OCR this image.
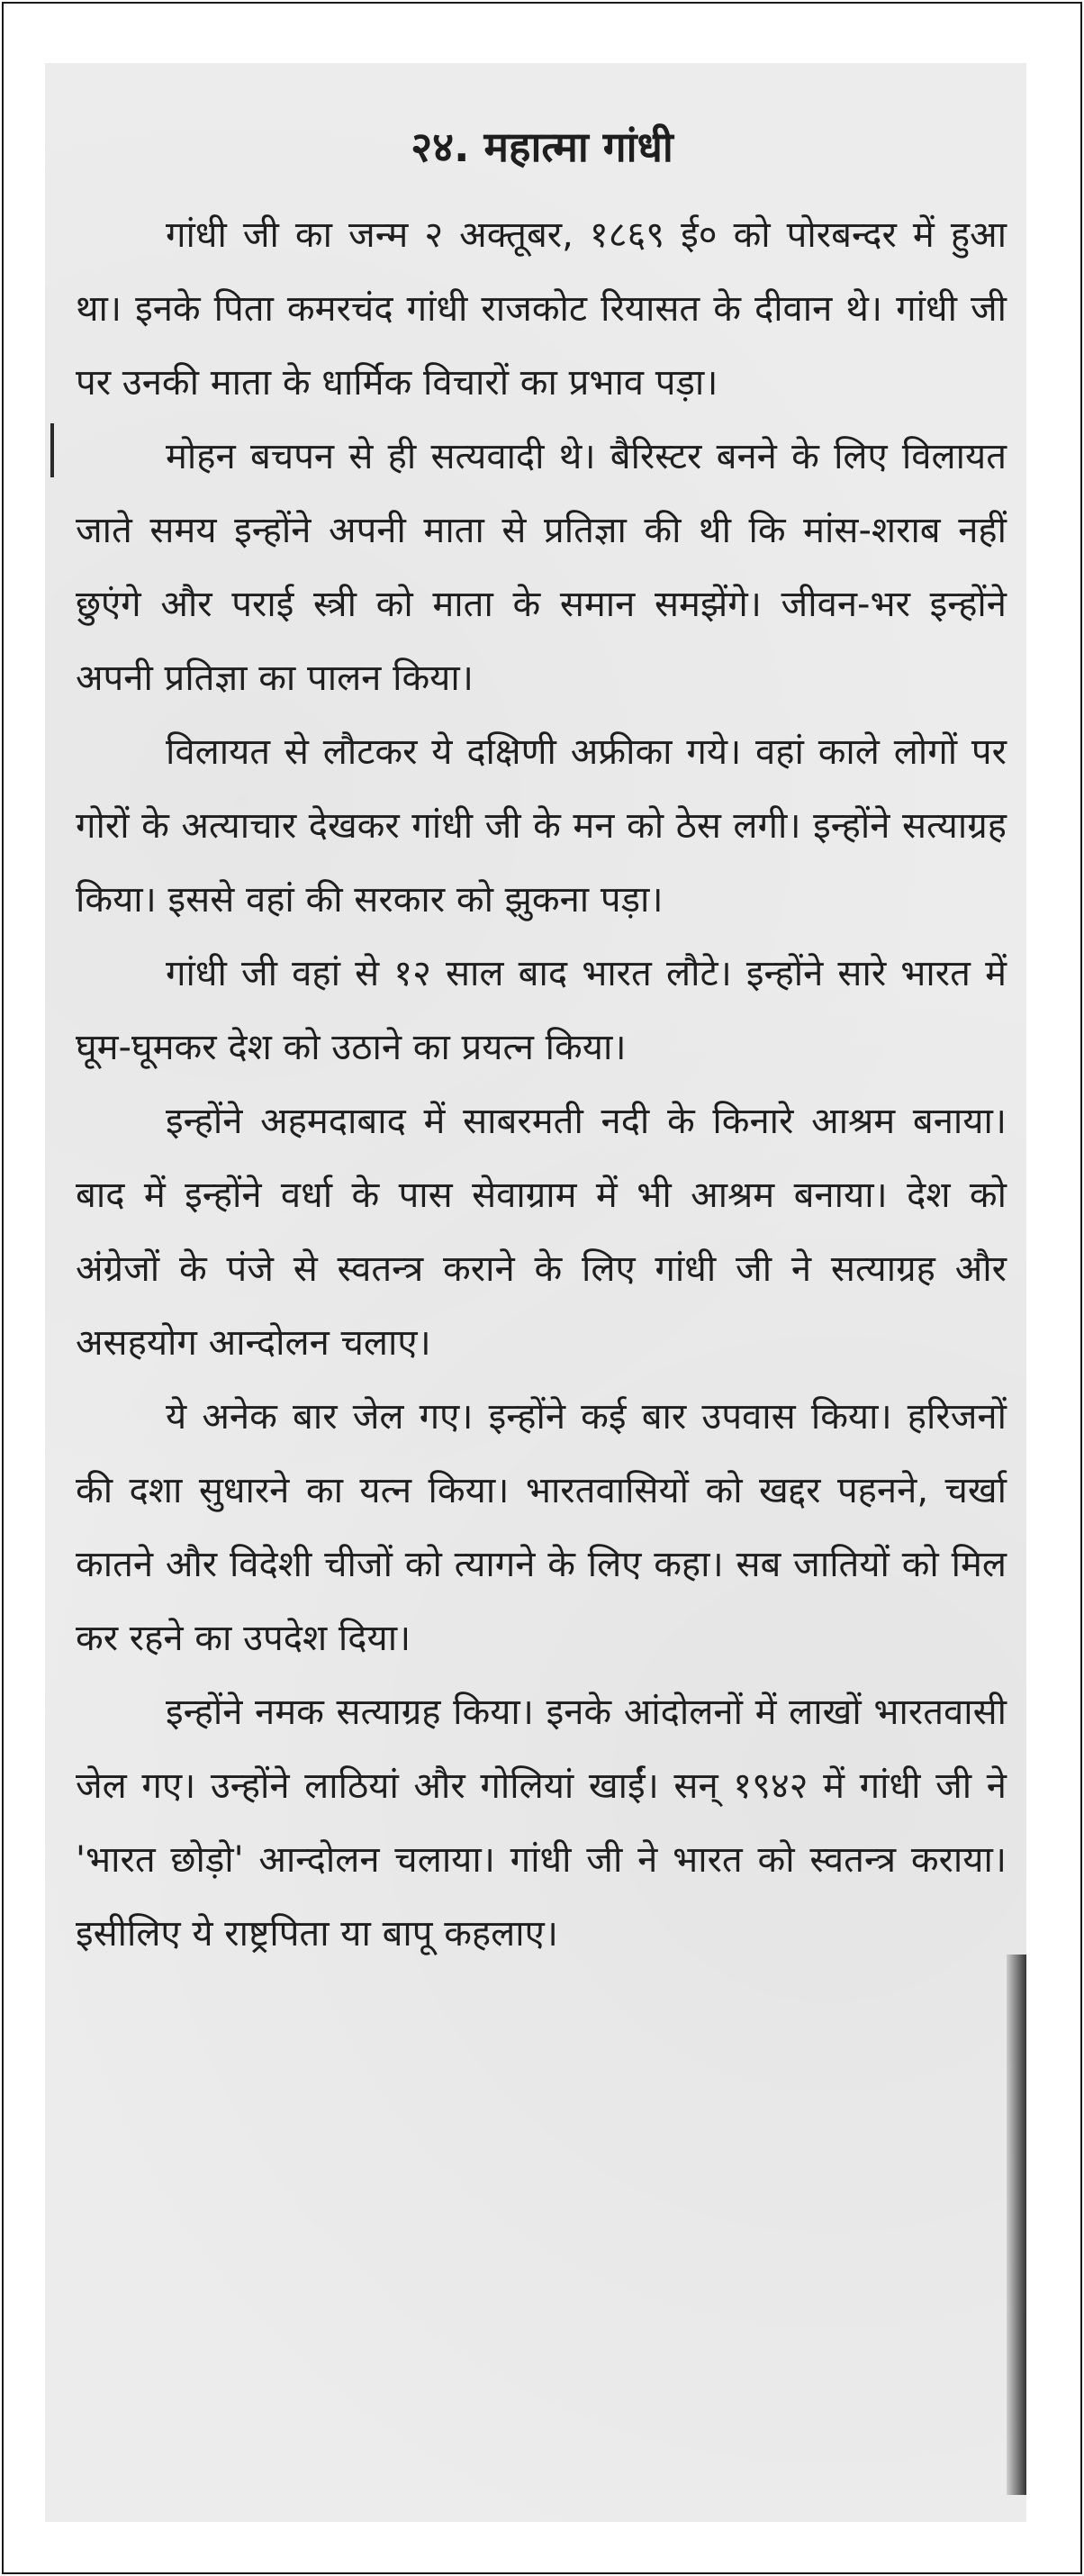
२४. महात्मा गांधी

गांधी जी का जन्म २ अक्तूबर, १८६९ ई० को पोरबन्दर में हुआ था। इनके पिता कमरचंद गांधी राजकोट रियासत के दीवान थे। गांधी जी पर उनकी माता के धार्मिक विचारों का प्रभाव पड़ा।

मोहन बचपन से ही सत्यवादी थे। बैरिस्टर बनने के लिए विलायत जाते समय इन्होंने अपनी माता से प्रतिज्ञा की थी कि मांस-शराब नहीं छुएंगे और पराई स्त्री को माता के समान समझेंगे। जीवन-भर इन्होंने अपनी प्रतिज्ञा का पालन किया।

विलायत से लौटकर ये दक्षिणी अफ्रीका गये। वहां काले लोगों पर गोरों के अत्याचार देखकर गांधी जी के मन को ठेस लगी। इन्होंने सत्याग्रह किया। इससे वहां की सरकार को झुकना पड़ा।

गांधी जी वहां से १२ साल बाद भारत लौटे। इन्होंने सारे भारत में घूम-घूमकर देश को उठाने का प्रयत्न किया।

इन्होंने अहमदाबाद में साबरमती नदी के किनारे आश्रम बनाया। बाद में इन्होंने वर्धा के पास सेवाग्राम में भी आश्रम बनाया। देश को अंग्रेजों के पंजे से स्वतन्त्र कराने के लिए गांधी जी ने सत्याग्रह और असहयोग आन्दोलन चलाए।

ये अनेक बार जेल गए। इन्होंने कई बार उपवास किया। हरिजनों की दशा सुधारने का यत्न किया। भारतवासियों को खद्दर पहनने, चर्खा कातने और विदेशी चीजों को त्यागने के लिए कहा। सब जातियों को मिल कर रहने का उपदेश दिया।

इन्होंने नमक सत्याग्रह किया। इनके आंदोलनों में लाखों भारतवासी जेल गए। उन्होंने लाठियां और गोलियां खाईं। सन् १९४२ में गांधी जी ने 'भारत छोड़ो' आन्दोलन चलाया। गांधी जी ने भारत को स्वतन्त्र कराया। इसीलिए ये राष्ट्रपिता या बापू कहलाए।
